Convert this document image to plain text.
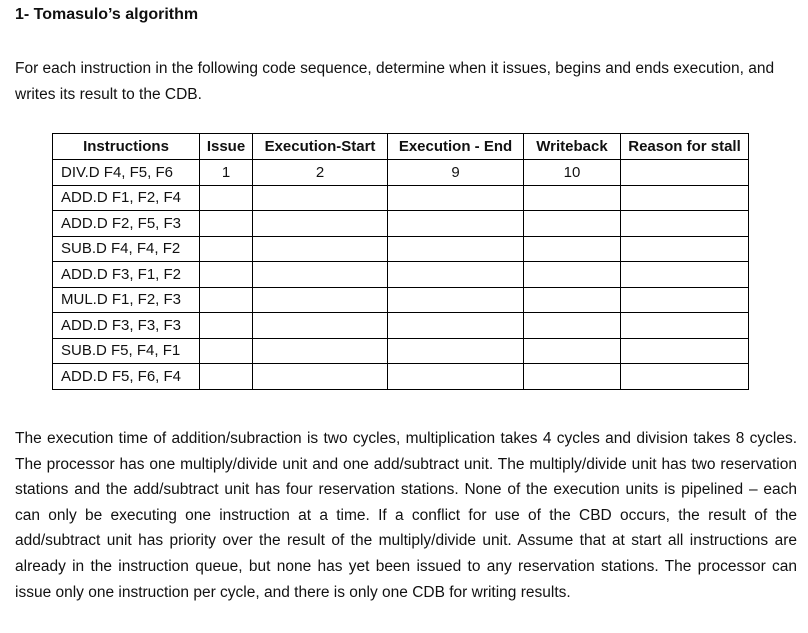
1- Tomasulo’s algorithm

For each instruction in the following code sequence, determine when it issues, begins and ends execution, and writes its result to the CDB.

Instructions	Issue	Execution-Start	Execution - End	Writeback	Reason for stall
DIV.D F4, F5, F6	1	2	9	10	
ADD.D F1, F2, F4					
ADD.D F2, F5, F3					
SUB.D F4, F4, F2					
ADD.D F3, F1, F2					
MUL.D F1, F2, F3					
ADD.D F3, F3, F3					
SUB.D F5, F4, F1					
ADD.D F5, F6, F4					

The execution time of addition/subraction is two cycles, multiplication takes 4 cycles and division takes 8 cycles. The processor has one multiply/divide unit and one add/subtract unit. The multiply/divide unit has two reservation stations and the add/subtract unit has four reservation stations. None of the execution units is pipelined – each can only be executing one instruction at a time. If a conflict for use of the CBD occurs, the result of the add/subtract unit has priority over the result of the multiply/divide unit. Assume that at start all instructions are already in the instruction queue, but none has yet been issued to any reservation stations. The processor can issue only one instruction per cycle, and there is only one CDB for writing results.
